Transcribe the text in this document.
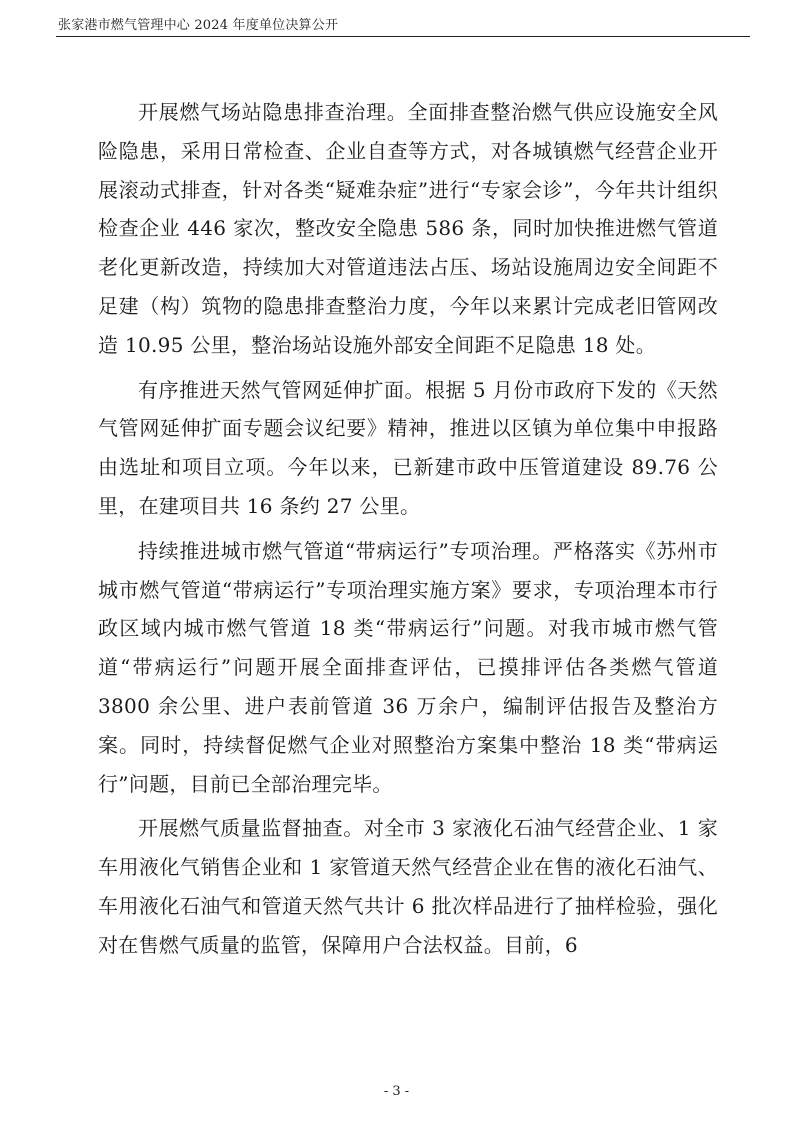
张家港市燃气管理中心 2024 年度单位决算公开

开展燃气场站隐患排查治理。全面排查整治燃气供应设施安全风险隐患，采用日常检查、企业自查等方式，对各城镇燃气经营企业开展滚动式排查，针对各类“疑难杂症”进行“专家会诊”，今年共计组织检查企业 446 家次，整改安全隐患 586 条，同时加快推进燃气管道老化更新改造，持续加大对管道违法占压、场站设施周边安全间距不足建（构）筑物的隐患排查整治力度，今年以来累计完成老旧管网改造 10.95 公里，整治场站设施外部安全间距不足隐患 18 处。

有序推进天然气管网延伸扩面。根据 5 月份市政府下发的《天然气管网延伸扩面专题会议纪要》精神，推进以区镇为单位集中申报路由选址和项目立项。今年以来，已新建市政中压管道建设 89.76 公里，在建项目共 16 条约 27 公里。

持续推进城市燃气管道“带病运行”专项治理。严格落实《苏州市城市燃气管道“带病运行”专项治理实施方案》要求，专项治理本市行政区域内城市燃气管道 18 类“带病运行”问题。对我市城市燃气管道“带病运行”问题开展全面排查评估，已摸排评估各类燃气管道 3800 余公里、进户表前管道 36 万余户，编制评估报告及整治方案。同时，持续督促燃气企业对照整治方案集中整治 18 类“带病运行”问题，目前已全部治理完毕。

开展燃气质量监督抽查。对全市 3 家液化石油气经营企业、1 家车用液化气销售企业和 1 家管道天然气经营企业在售的液化石油气、车用液化石油气和管道天然气共计 6 批次样品进行了抽样检验，强化对在售燃气质量的监管，保障用户合法权益。目前，6

- 3 -
